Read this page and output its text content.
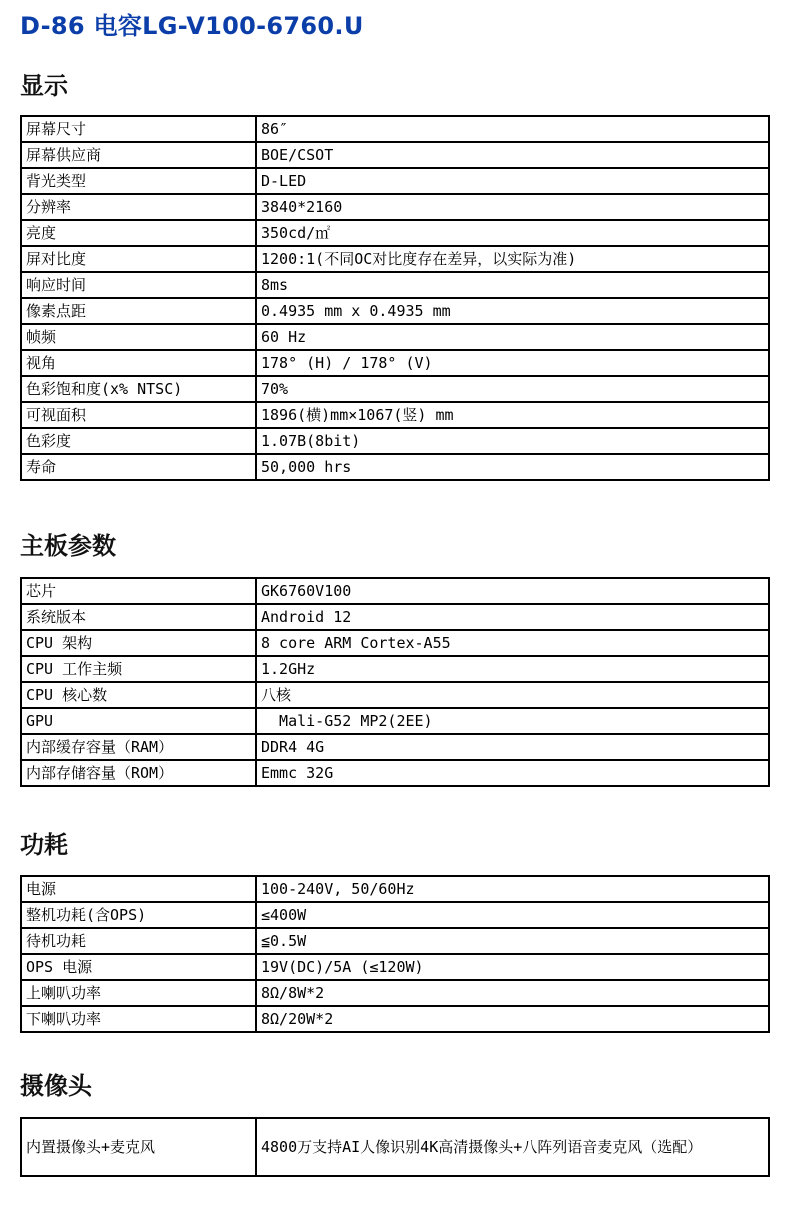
D-86 电容LG-V100-6760.U
显示
屏幕尺寸	86″
屏幕供应商	BOE/CSOT
背光类型	D-LED
分辨率	3840*2160
亮度	350cd/㎡
屏对比度	1200:1(不同OC对比度存在差异，以实际为准)
响应时间	8ms
像素点距	0.4935 mm x 0.4935 mm
帧频	60 Hz
视角	178° (H) / 178° (V)
色彩饱和度(x% NTSC)	70%
可视面积	1896(横)mm×1067(竖) mm
色彩度	1.07B(8bit)
寿命	50,000 hrs
主板参数
芯片	GK6760V100
系统版本	Android 12
CPU 架构	8 core ARM Cortex-A55
CPU 工作主频	1.2GHz
CPU 核心数	八核
GPU	Mali-G52 MP2(2EE)
内部缓存容量（RAM）	DDR4 4G
内部存储容量（ROM）	Emmc 32G
功耗
电源	100-240V, 50/60Hz
整机功耗(含OPS)	≤400W
待机功耗	≦0.5W
OPS 电源	19V(DC)/5A (≤120W)
上喇叭功率	8Ω/8W*2
下喇叭功率	8Ω/20W*2
摄像头
内置摄像头+麦克风	4800万支持AI人像识别4K高清摄像头+八阵列语音麦克风（选配）
